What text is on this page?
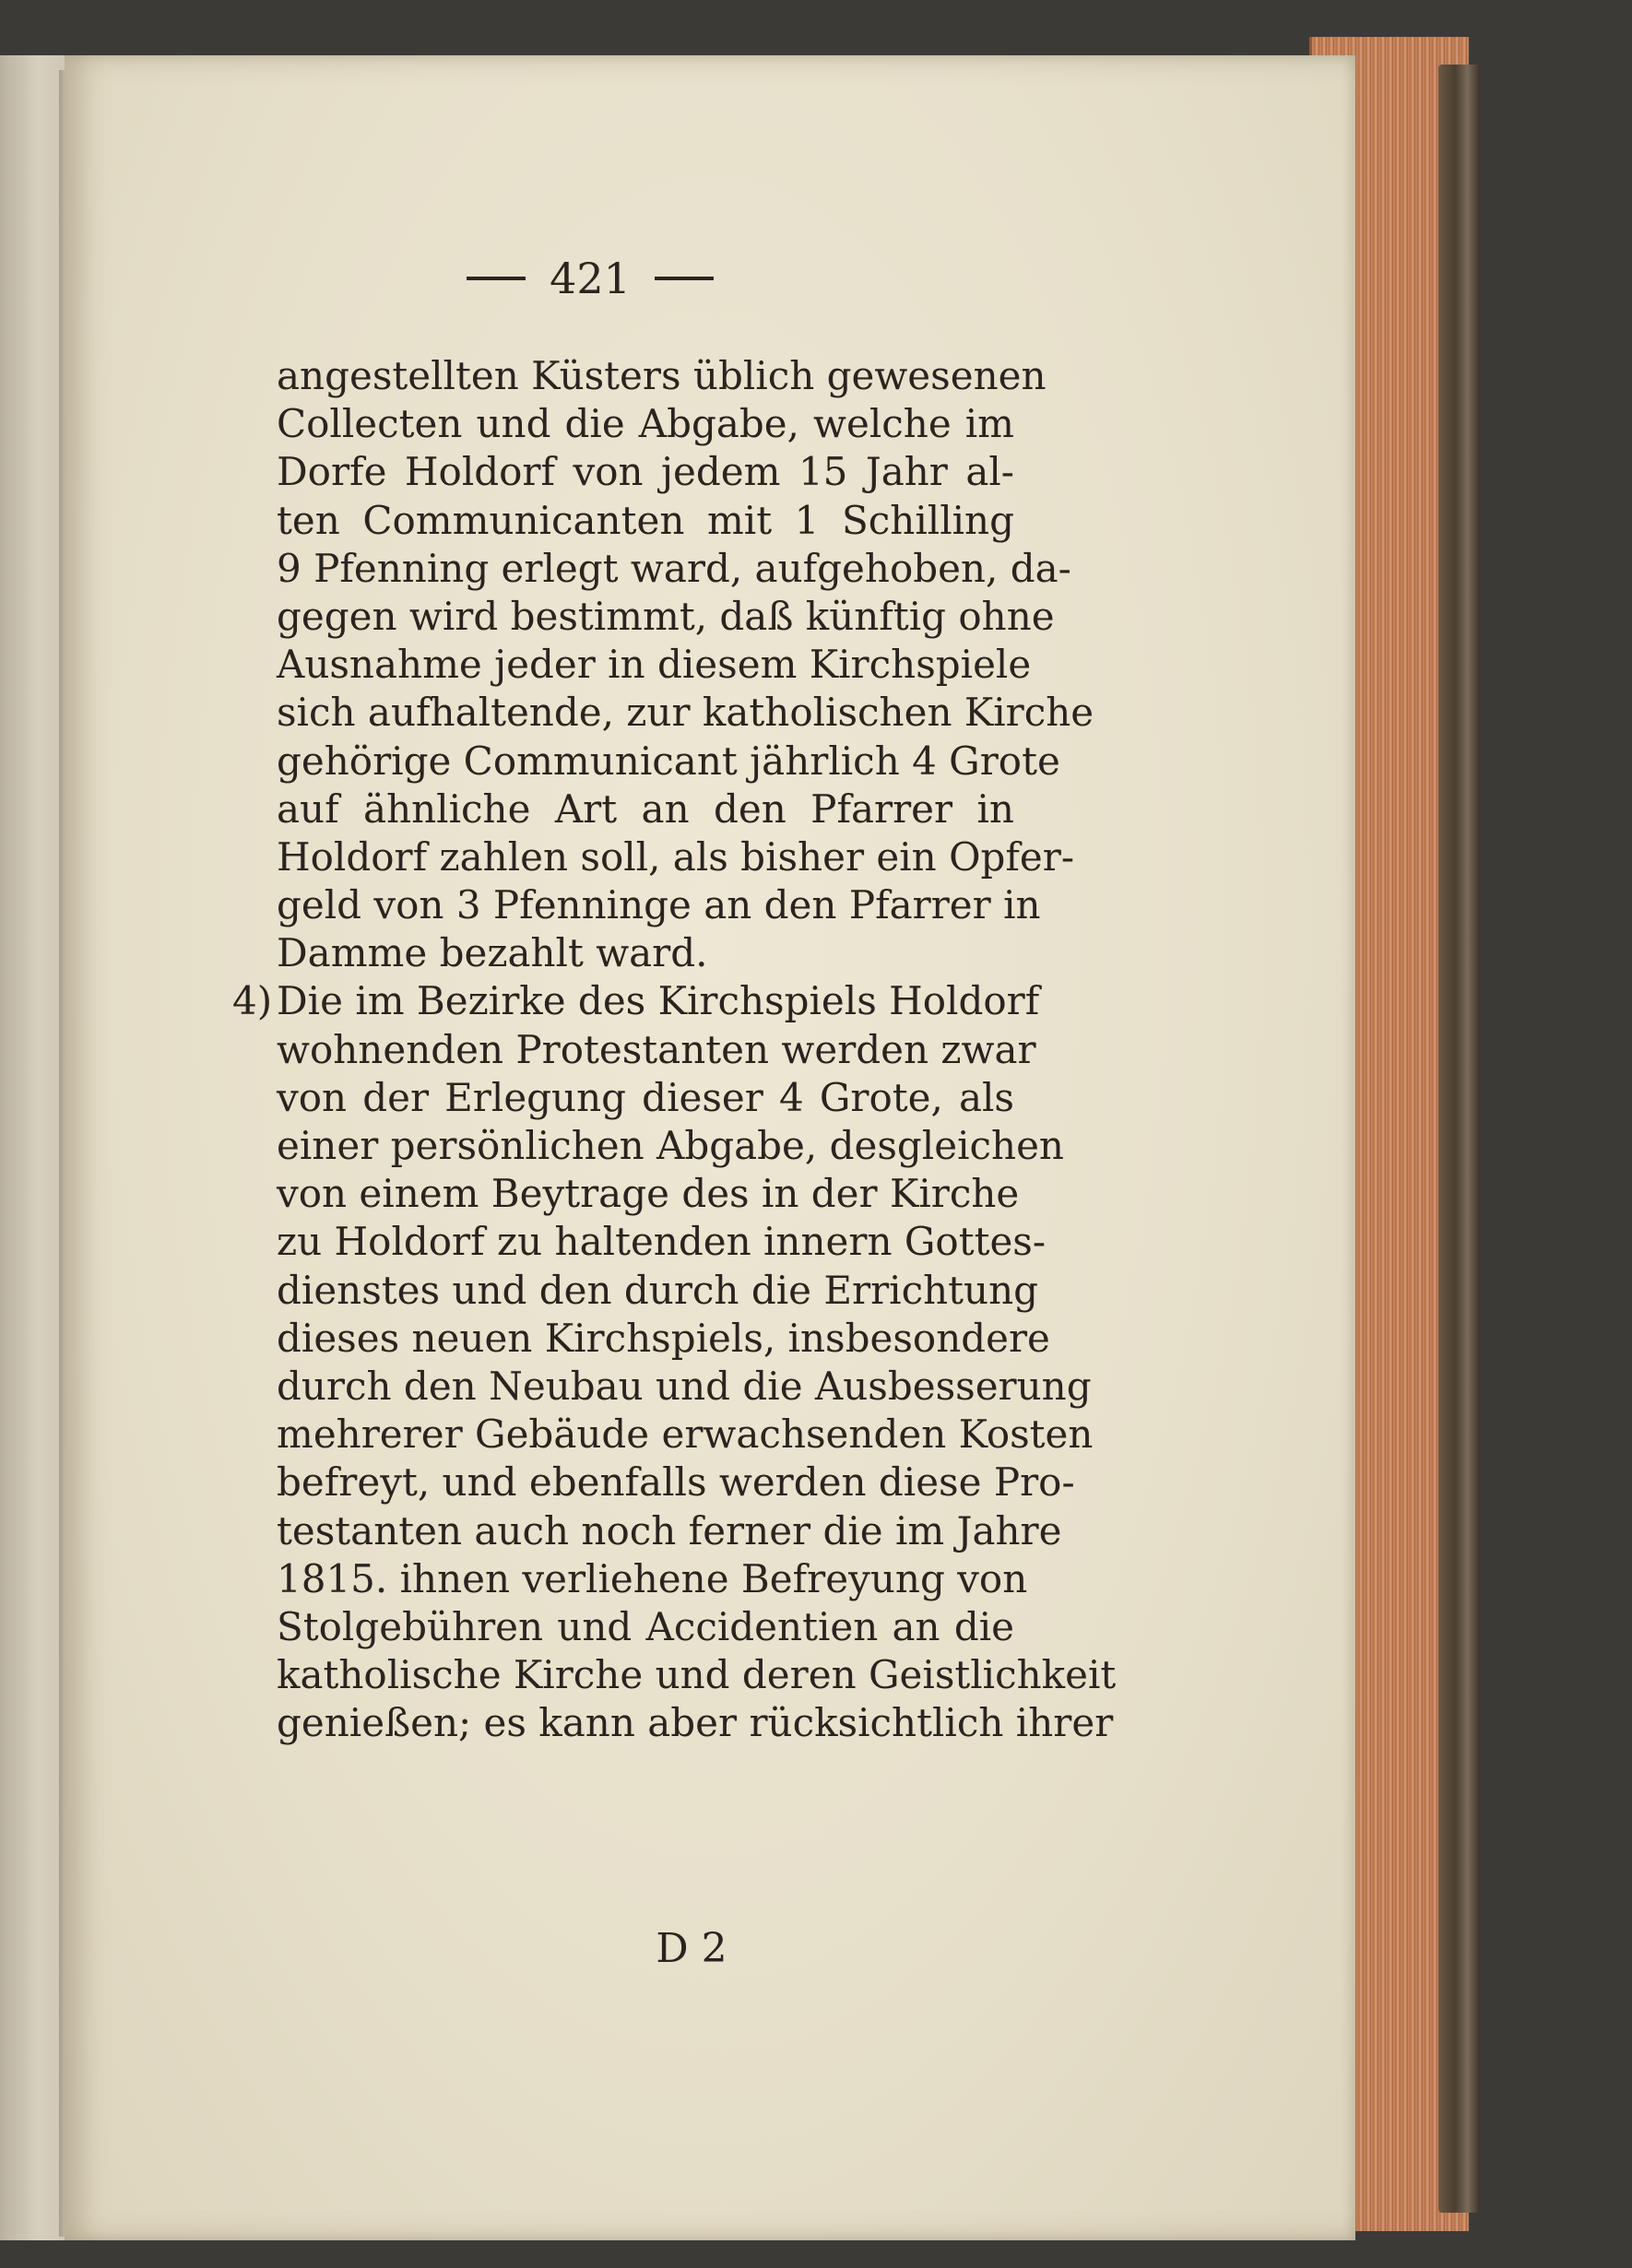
421
angestellten Küsters üblich gewesenen
Collecten und die Abgabe, welche im
Dorfe Holdorf von jedem 15 Jahr al-
ten Communicanten mit 1 Schilling
9 Pfenning erlegt ward, aufgehoben, da-
gegen wird bestimmt, daß künftig ohne
Ausnahme jeder in diesem Kirchspiele
sich aufhaltende, zur katholischen Kirche
gehörige Communicant jährlich 4 Grote
auf ähnliche Art an den Pfarrer in
Holdorf zahlen soll, als bisher ein Opfer-
geld von 3 Pfenninge an den Pfarrer in
Damme bezahlt ward.
4) Die im Bezirke des Kirchspiels Holdorf
wohnenden Protestanten werden zwar
von der Erlegung dieser 4 Grote, als
einer persönlichen Abgabe, desgleichen
von einem Beytrage des in der Kirche
zu Holdorf zu haltenden innern Gottes-
dienstes und den durch die Errichtung
dieses neuen Kirchspiels, insbesondere
durch den Neubau und die Ausbesserung
mehrerer Gebäude erwachsenden Kosten
befreyt, und ebenfalls werden diese Pro-
testanten auch noch ferner die im Jahre
1815. ihnen verliehene Befreyung von
Stolgebühren und Accidentien an die
katholische Kirche und deren Geistlichkeit
genießen; es kann aber rücksichtlich ihrer
D 2
